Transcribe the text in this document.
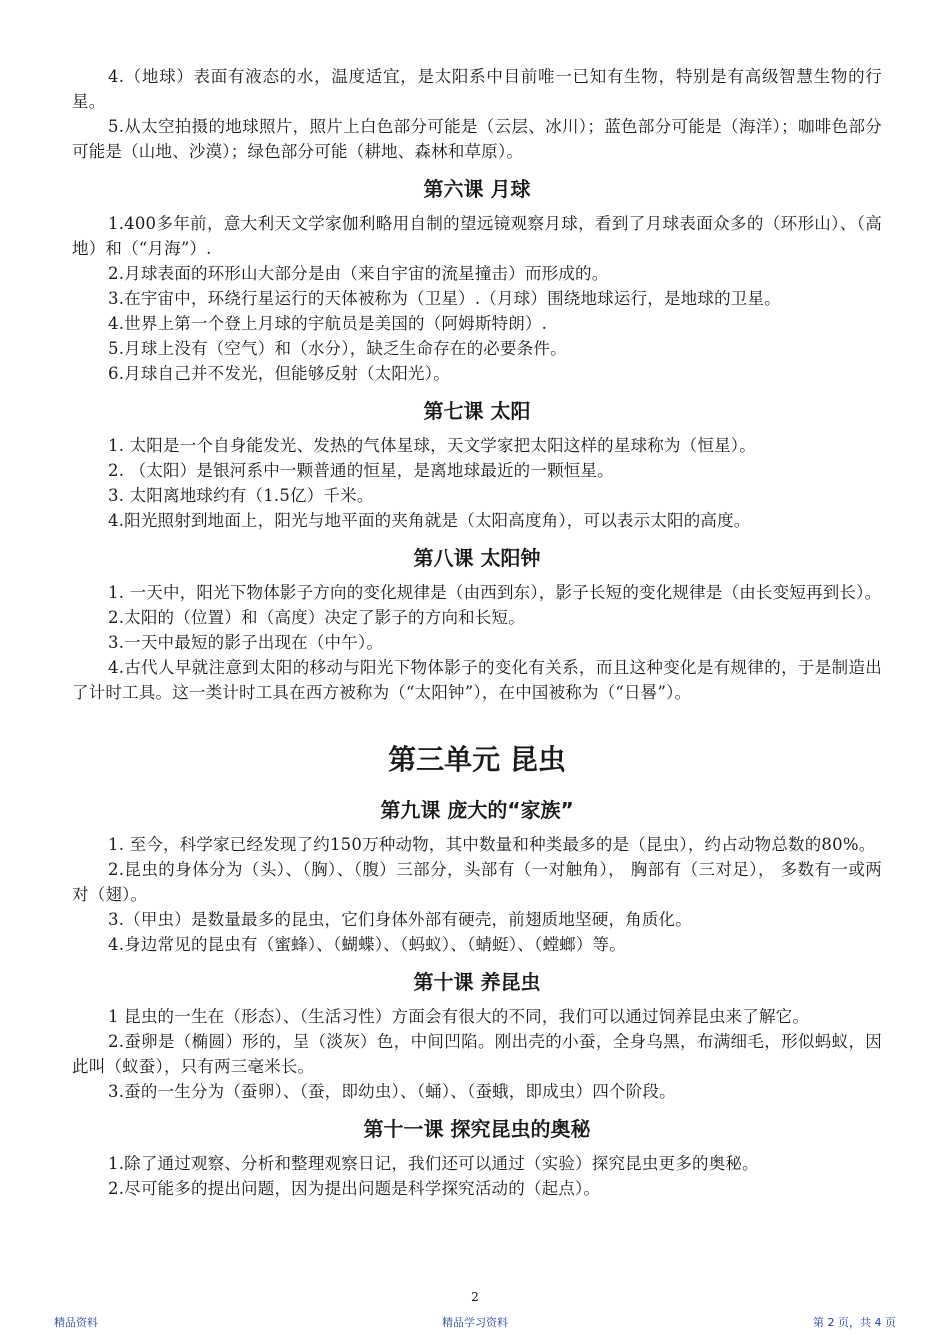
4.（地球）表面有液态的水，温度适宜，是太阳系中目前唯一已知有生物，特别是有高级智慧生物的行星。

5.从太空拍摄的地球照片，照片上白色部分可能是（云层、冰川）；蓝色部分可能是（海洋）；咖啡色部分可能是（山地、沙漠）；绿色部分可能（耕地、森林和草原）。

第六课 月球

1.400多年前，意大利天文学家伽利略用自制的望远镜观察月球，看到了月球表面众多的（环形山）、（高地）和（“月海”）.

2.月球表面的环形山大部分是由（来自宇宙的流星撞击）而形成的。

3.在宇宙中，环绕行星运行的天体被称为（卫星）.（月球）围绕地球运行，是地球的卫星。

4.世界上第一个登上月球的宇航员是美国的（阿姆斯特朗）.

5.月球上没有（空气）和（水分），缺乏生命存在的必要条件。

6.月球自己并不发光，但能够反射（太阳光）。

第七课 太阳

1. 太阳是一个自身能发光、发热的气体星球，天文学家把太阳这样的星球称为（恒星）。

2. （太阳）是银河系中一颗普通的恒星，是离地球最近的一颗恒星。

3. 太阳离地球约有（1.5亿）千米。

4.阳光照射到地面上，阳光与地平面的夹角就是（太阳高度角），可以表示太阳的高度。

第八课 太阳钟

1. 一天中，阳光下物体影子方向的变化规律是（由西到东），影子长短的变化规律是（由长变短再到长）。

2.太阳的（位置）和（高度）决定了影子的方向和长短。

3.一天中最短的影子出现在（中午）。

4.古代人早就注意到太阳的移动与阳光下物体影子的变化有关系，而且这种变化是有规律的，于是制造出了计时工具。这一类计时工具在西方被称为（“太阳钟”），在中国被称为（“日晷”）。

第三单元 昆虫
第九课 庞大的“家族”

1. 至今，科学家已经发现了约150万种动物，其中数量和种类最多的是（昆虫），约占动物总数的80%。

2.昆虫的身体分为（头）、（胸）、（腹）三部分，头部有（一对触角）， 胸部有（三对足）， 多数有一或两对（翅）。

3.（甲虫）是数量最多的昆虫，它们身体外部有硬壳，前翅质地坚硬，角质化。

4.身边常见的昆虫有（蜜蜂）、（蝴蝶）、（蚂蚁）、（蜻蜓）、（螳螂）等。

第十课 养昆虫

1 昆虫的一生在（形态）、（生活习性）方面会有很大的不同，我们可以通过饲养昆虫来了解它。

2.蚕卵是（椭圆）形的，呈（淡灰）色，中间凹陷。刚出壳的小蚕，全身乌黑，布满细毛，形似蚂蚁，因此叫（蚁蚕），只有两三毫米长。

3.蚕的一生分为（蚕卵）、（蚕，即幼虫）、（蛹）、（蚕蛾，即成虫）四个阶段。

第十一课 探究昆虫的奥秘

1.除了通过观察、分析和整理观察日记，我们还可以通过（实验）探究昆虫更多的奥秘。

2.尽可能多的提出问题，因为提出问题是科学探究活动的（起点）。

2
精品资料	精品学习资料	第 2 页，共 4 页
